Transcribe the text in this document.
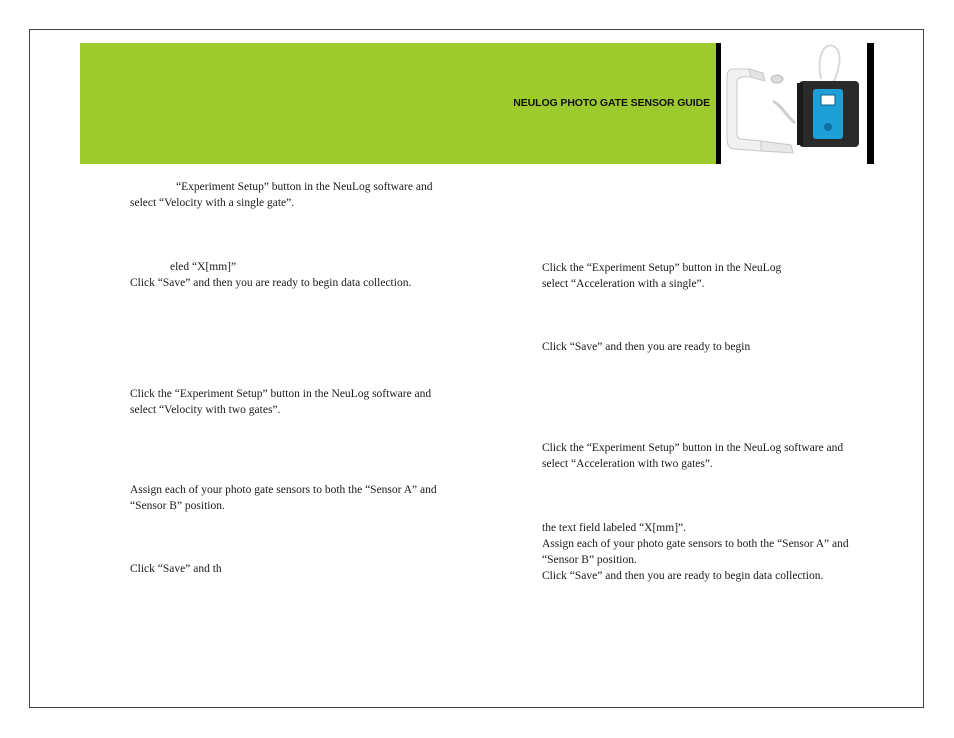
NEULOG PHOTO GATE SENSOR GUIDE
“Experiment Setup” button in the NeuLog software and
select “Velocity with a single gate”.
eled “X[mm]”
Click “Save” and then you are ready to begin data collection.
Click the “Experiment Setup” button in the NeuLog software and
select “Velocity with two gates”.
Assign each of your photo gate sensors to both the “Sensor A” and
“Sensor B” position.
Click “Save” and th
Click the “Experiment Setup” button in the NeuLog
select “Acceleration with a single”.
Click “Save” and then you are ready to begin
Click the “Experiment Setup” button in the NeuLog software and
select “Acceleration with two gates”.
the text field labeled “X[mm]”.
Assign each of your photo gate sensors to both the “Sensor A” and
“Sensor B” position.
Click “Save” and then you are ready to begin data collection.
